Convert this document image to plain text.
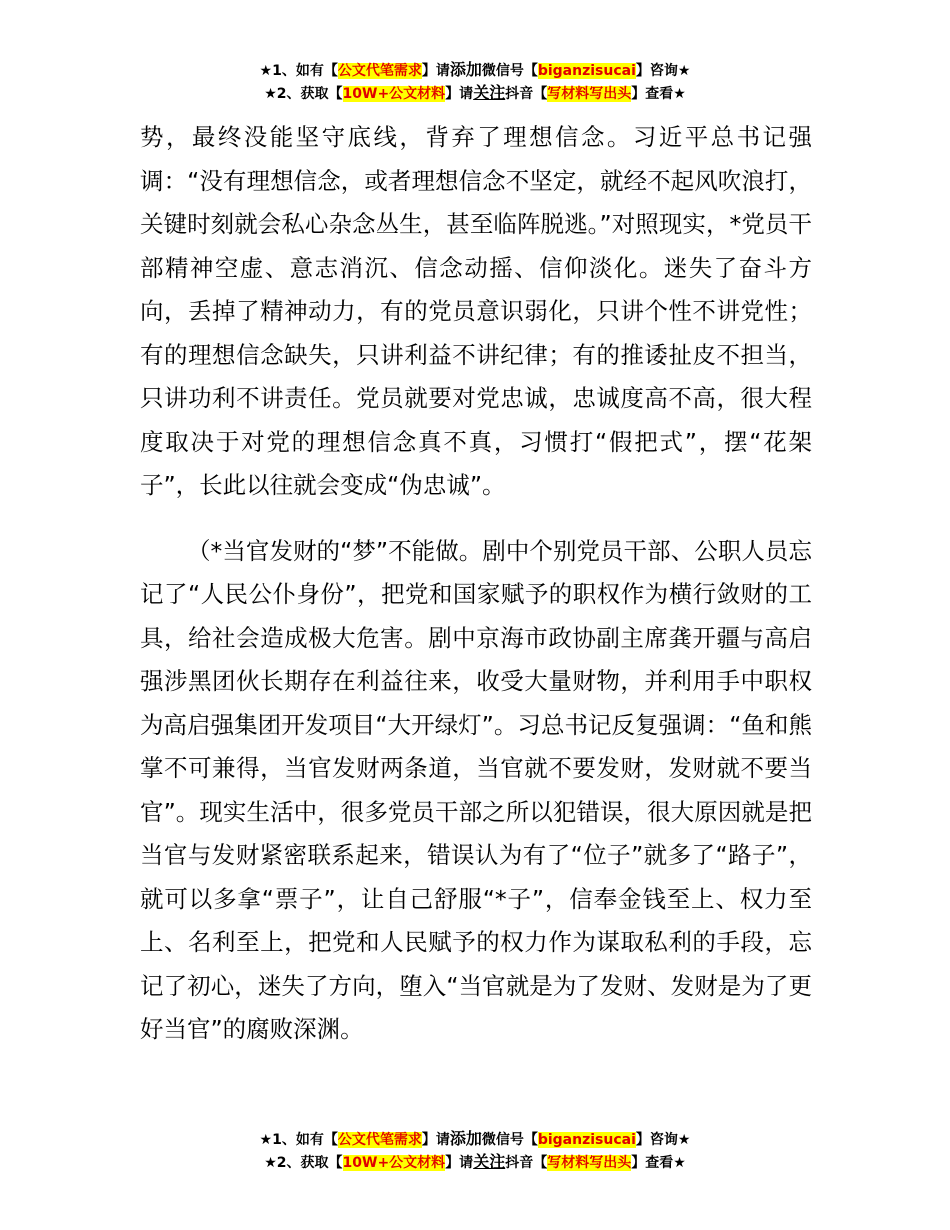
★1、如有【公文代笔需求】请添加微信号【biganzisucai】咨询★
★2、获取【10W+公文材料】请关注抖音【写材料写出头】查看★

势，最终没能坚守底线，背弃了理想信念。习近平总书记强调：“没有理想信念，或者理想信念不坚定，就经不起风吹浪打，关键时刻就会私心杂念丛生，甚至临阵脱逃。”对照现实，*党员干部精神空虚、意志消沉、信念动摇、信仰淡化。迷失了奋斗方向，丢掉了精神动力，有的党员意识弱化，只讲个性不讲党性；有的理想信念缺失，只讲利益不讲纪律；有的推诿扯皮不担当，只讲功利不讲责任。党员就要对党忠诚，忠诚度高不高，很大程度取决于对党的理想信念真不真，习惯打“假把式”，摆“花架子”，长此以往就会变成“伪忠诚”。

（*当官发财的“梦”不能做。剧中个别党员干部、公职人员忘记了“人民公仆身份”，把党和国家赋予的职权作为横行敛财的工具，给社会造成极大危害。剧中京海市政协副主席龚开疆与高启强涉黑团伙长期存在利益往来，收受大量财物，并利用手中职权为高启强集团开发项目“大开绿灯”。习总书记反复强调：“鱼和熊掌不可兼得，当官发财两条道，当官就不要发财，发财就不要当官”。现实生活中，很多党员干部之所以犯错误，很大原因就是把当官与发财紧密联系起来，错误认为有了“位子”就多了“路子”，就可以多拿“票子”，让自己舒服“*子”，信奉金钱至上、权力至上、名利至上，把党和人民赋予的权力作为谋取私利的手段，忘记了初心，迷失了方向，堕入“当官就是为了发财、发财是为了更好当官”的腐败深渊。

★1、如有【公文代笔需求】请添加微信号【biganzisucai】咨询★
★2、获取【10W+公文材料】请关注抖音【写材料写出头】查看★
